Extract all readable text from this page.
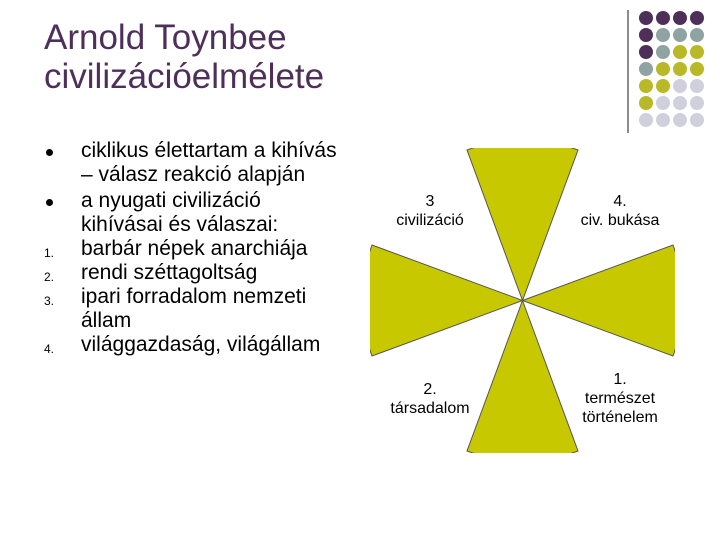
Arnold Toynbee
civilizációelmélete
ciklikus élettartam a kihívás – válasz reakció alapján
a nyugati civilizáció kihívásai és válaszai:
1. barbár népek anarchiája
2. rendi széttagoltság
3. ipari forradalom nemzeti állam
4. világgazdaság, világállam
3
civilizáció
4.
civ. bukása
2.
társadalom
1.
természet
történelem
